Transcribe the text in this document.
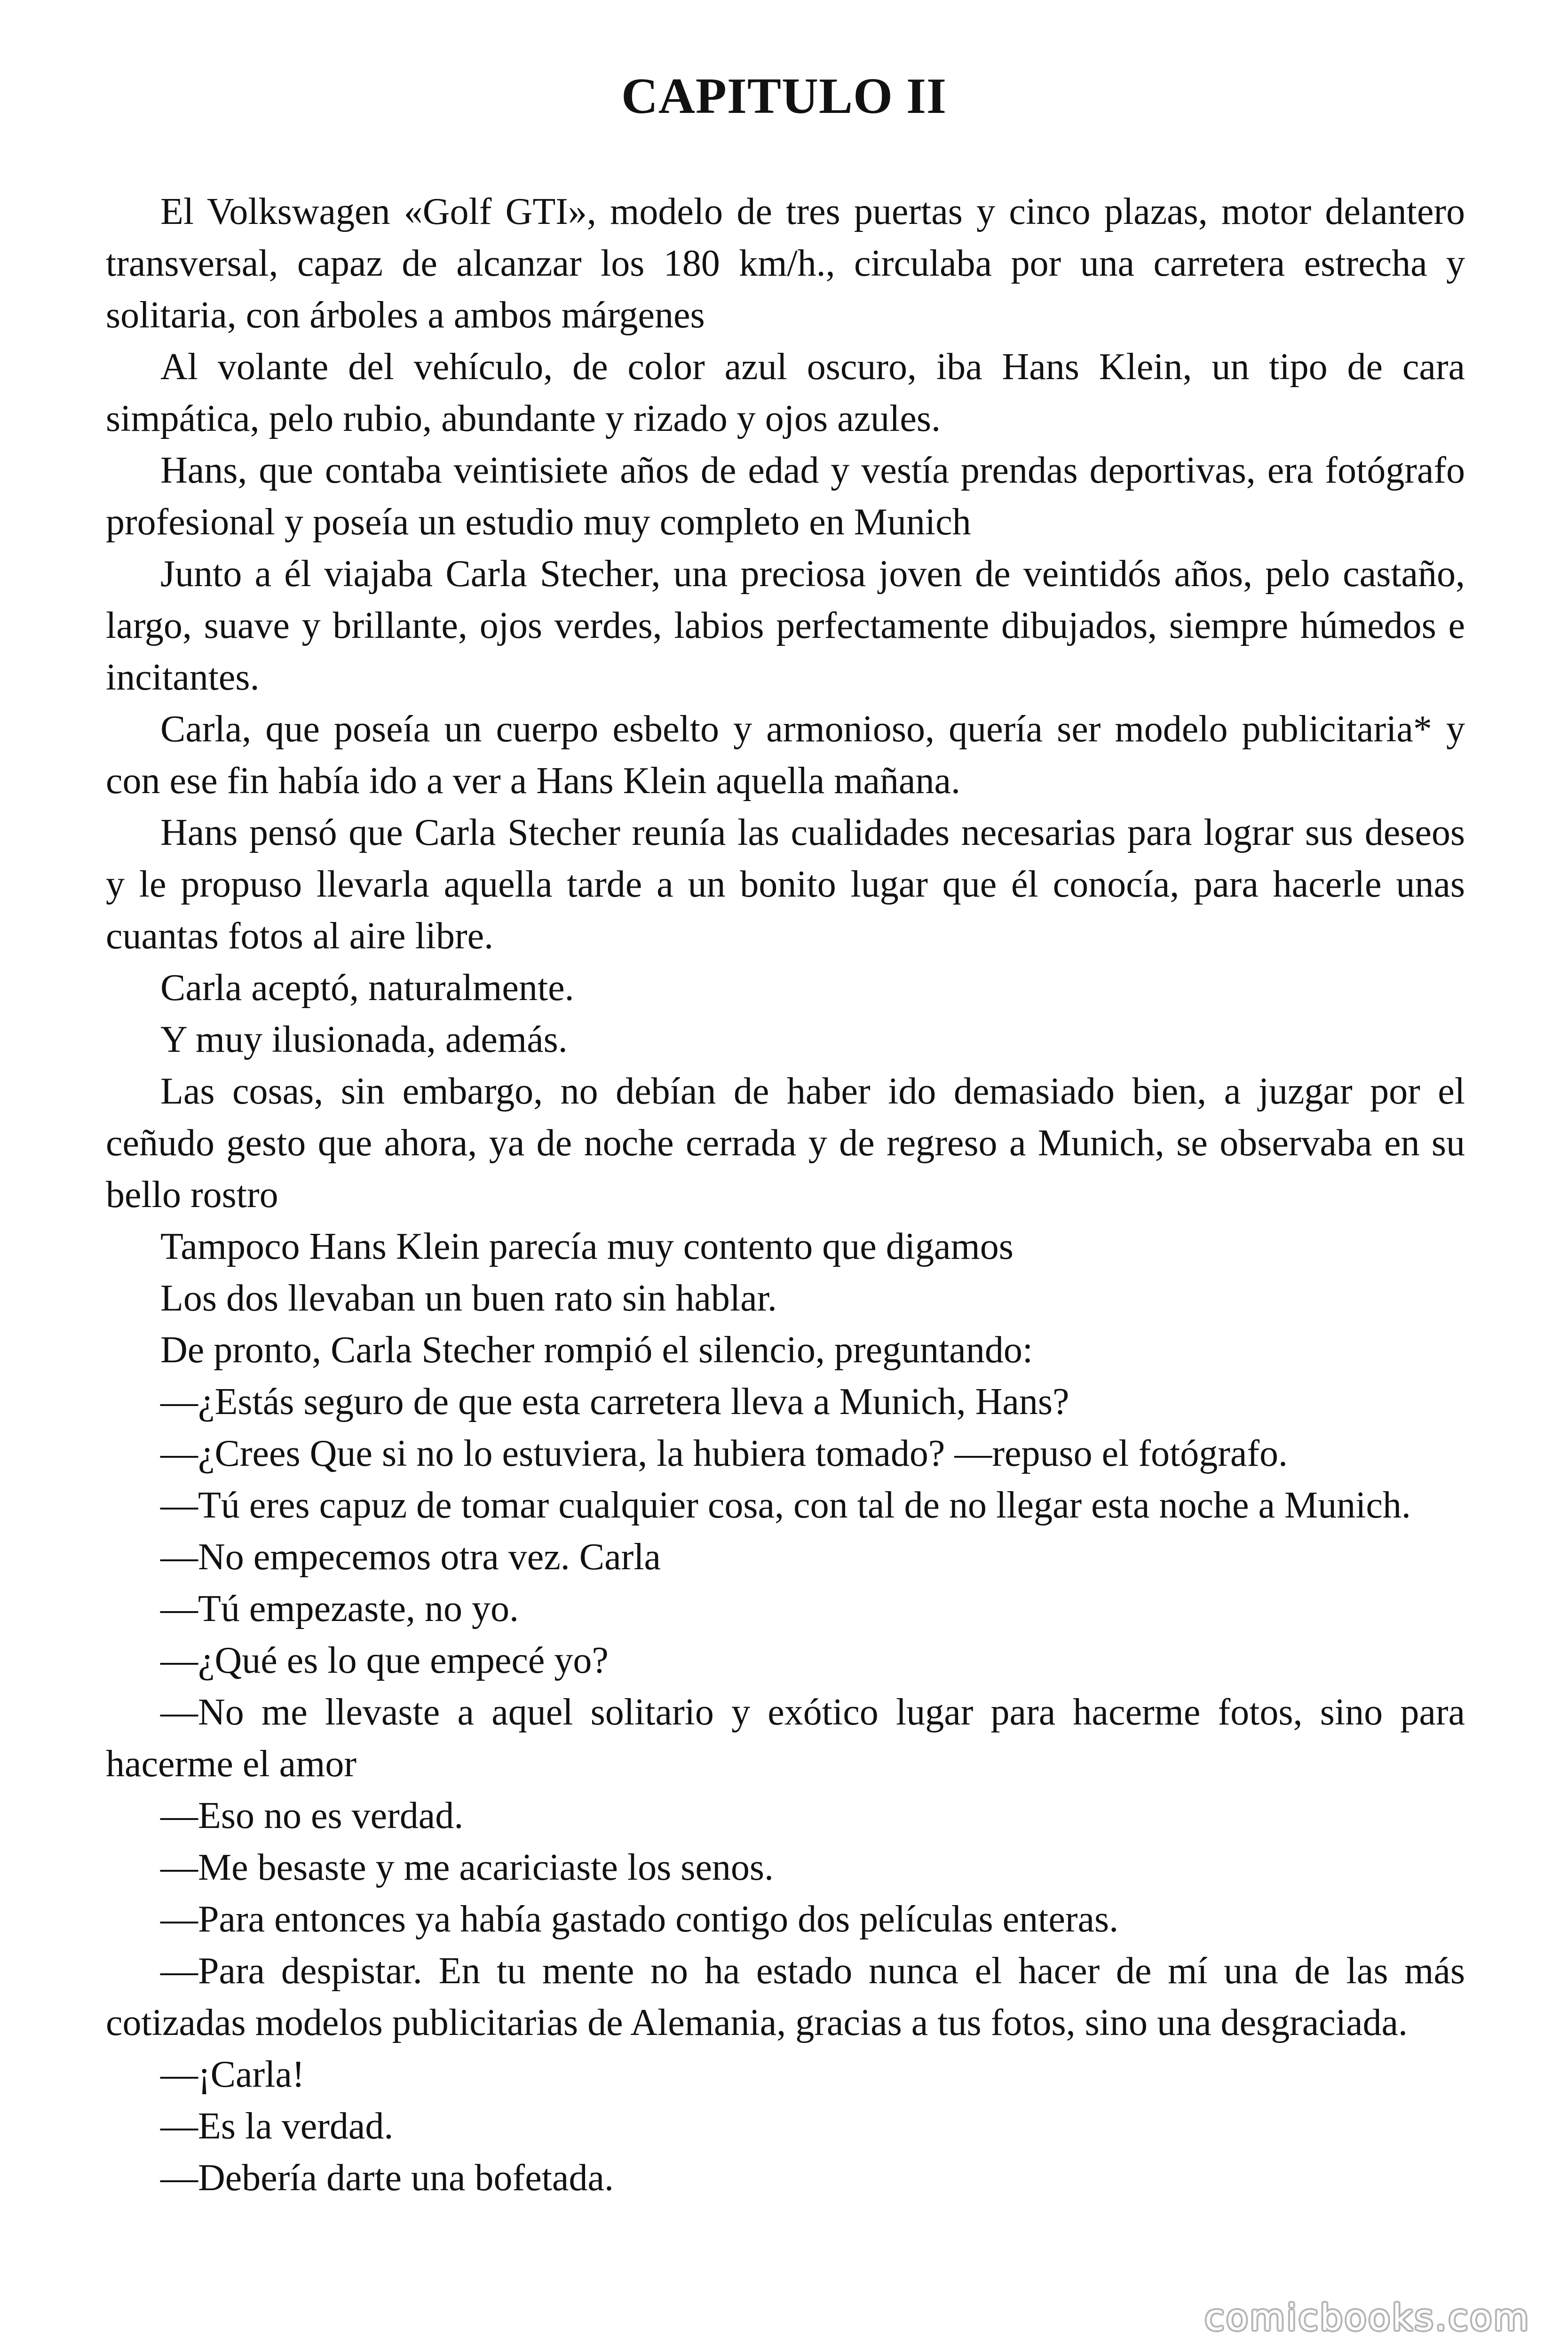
CAPITULO II

El Volkswagen «Golf GTI», modelo de tres puertas y cinco plazas, motor delantero transversal, capaz de alcanzar los 180 km/h., circulaba por una carretera estrecha y solitaria, con árboles a ambos márgenes

Al volante del vehículo, de color azul oscuro, iba Hans Klein, un tipo de cara simpática, pelo rubio, abundante y rizado y ojos azules.

Hans, que contaba veintisiete años de edad y vestía prendas deportivas, era fotógrafo profesional y poseía un estudio muy completo en Munich

Junto a él viajaba Carla Stecher, una preciosa joven de veintidós años, pelo castaño, largo, suave y brillante, ojos verdes, labios perfectamente dibujados, siempre húmedos e incitantes.

Carla, que poseía un cuerpo esbelto y armonioso, quería ser modelo publicitaria* y con ese fin había ido a ver a Hans Klein aquella mañana.

Hans pensó que Carla Stecher reunía las cualidades necesarias para lograr sus deseos y le propuso llevarla aquella tarde a un bonito lugar que él conocía, para hacerle unas cuantas fotos al aire libre.

Carla aceptó, naturalmente.

Y muy ilusionada, además.

Las cosas, sin embargo, no debían de haber ido demasiado bien, a juzgar por el ceñudo gesto que ahora, ya de noche cerrada y de regreso a Munich, se observaba en su bello rostro

Tampoco Hans Klein parecía muy contento que digamos

Los dos llevaban un buen rato sin hablar.

De pronto, Carla Stecher rompió el silencio, preguntando:

—¿Estás seguro de que esta carretera lleva a Munich, Hans?

—¿Crees Que si no lo estuviera, la hubiera tomado? —repuso el fotógrafo.

—Tú eres capuz de tomar cualquier cosa, con tal de no llegar esta noche a Munich.

—No empecemos otra vez. Carla

—Tú empezaste, no yo.

—¿Qué es lo que empecé yo?

—No me llevaste a aquel solitario y exótico lugar para hacerme fotos, sino para hacerme el amor

—Eso no es verdad.

—Me besaste y me acariciaste los senos.

—Para entonces ya había gastado contigo dos películas enteras.

—Para despistar. En tu mente no ha estado nunca el hacer de mí una de las más cotizadas modelos publicitarias de Alemania, gracias a tus fotos, sino una desgraciada.

—¡Carla!

—Es la verdad.

—Debería darte una bofetada.

comicbooks.com
